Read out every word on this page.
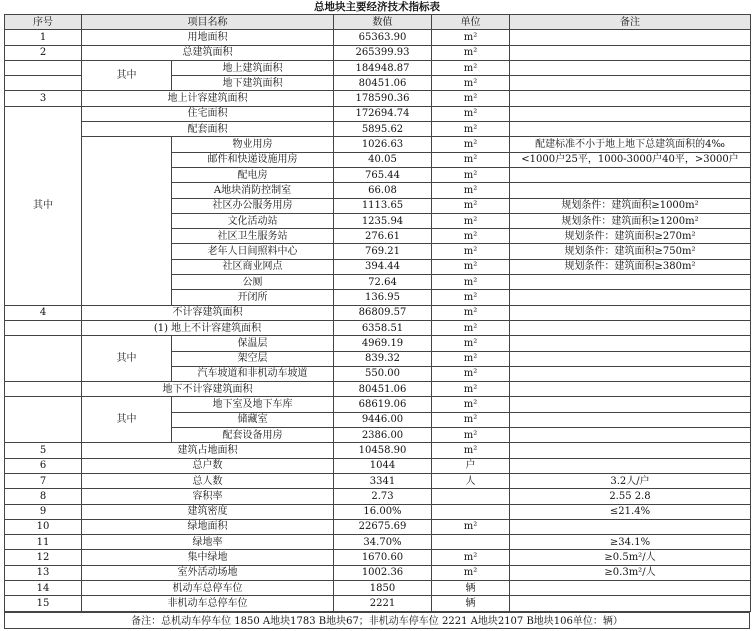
总地块主要经济技术指标表
序号	项目名称		数值	单位	备注
1	用地面积		65363.90	m²	
2	总建筑面积		265399.93	m²	
	其中	地上建筑面积	184948.87	m²	
		地下建筑面积	80451.06	m²	
3	地上计容建筑面积		178590.36	m²	
其中	住宅面积		172694.74	m²	
	配套面积		5895.62	m²	
		物业用房	1026.63	m²	配建标准不小于地上地下总建筑面积的4‰
		邮件和快递设施用房	40.05	m²	<1000户25平，1000-3000户40平，>3000户
		配电房	765.44	m²	
		A地块消防控制室	66.08	m²	
		社区办公服务用房	1113.65	m²	规划条件：建筑面积≥1000m²
		文化活动站	1235.94	m²	规划条件：建筑面积≥1200m²
		社区卫生服务站	276.61	m²	规划条件：建筑面积≥270m²
		老年人日间照料中心	769.21	m²	规划条件：建筑面积≥750m²
		社区商业网点	394.44	m²	规划条件：建筑面积≥380m²
		公厕	72.64	m²	
		开闭所	136.95	m²	
4	不计容建筑面积		86809.57	m²	
	(1) 地上不计容建筑面积		6358.51	m²	
	其中	保温层	4969.19	m²	
		架空层	839.32	m²	
		汽车坡道和非机动车坡道	550.00	m²	
	地下不计容建筑面积		80451.06	m²	
	其中	地下室及地下车库	68619.06	m²	
		储藏室	9446.00	m²	
		配套设备用房	2386.00	m²	
5	建筑占地面积		10458.90	m²	
6	总户数		1044	户	
7	总人数		3341	人	3.2人/户
8	容积率		2.73		2.55 2.8
9	建筑密度		16.00%		≤21.4%
10	绿地面积		22675.69	m²	
11	绿地率		34.70%		≥34.1%
12	集中绿地		1670.60	m²	≥0.5m²/人
13	室外活动场地		1002.36	m²	≥0.3m²/人
14	机动车总停车位		1850	辆	
15	非机动车总停车位		2221	辆	
备注：总机动车停车位 1850 A地块1783 B地块67；非机动车停车位 2221 A地块2107 B地块106单位：辆）
